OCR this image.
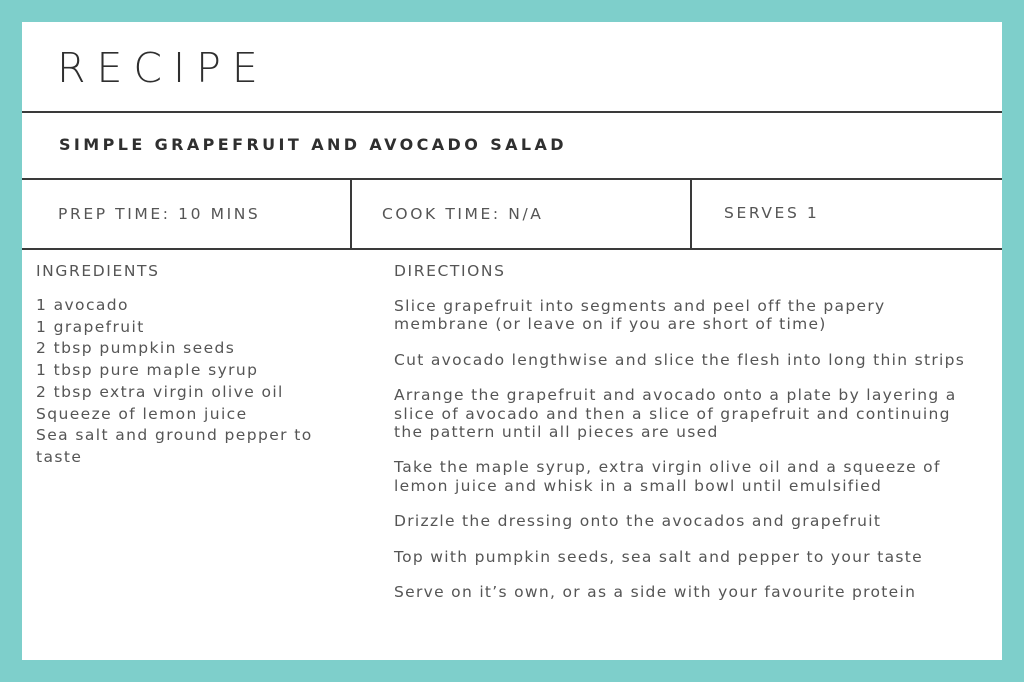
RECIPE
SIMPLE GRAPEFRUIT AND AVOCADO SALAD
PREP TIME: 10 MINS	COOK TIME: N/A	SERVES 1
INGREDIENTS
1 avocado
1 grapefruit
2 tbsp pumpkin seeds
1 tbsp pure maple syrup
2 tbsp extra virgin olive oil
Squeeze of lemon juice
Sea salt and ground pepper to taste
DIRECTIONS
Slice grapefruit into segments and peel off the papery membrane (or leave on if you are short of time)
Cut avocado lengthwise and slice the flesh into long thin strips
Arrange the grapefruit and avocado onto a plate by layering a slice of avocado and then a slice of grapefruit and continuing the pattern until all pieces are used
Take the maple syrup, extra virgin olive oil and a squeeze of lemon juice and whisk in a small bowl until emulsified
Drizzle the dressing onto the avocados and grapefruit
Top with pumpkin seeds, sea salt and pepper to your taste
Serve on it’s own, or as a side with your favourite protein
